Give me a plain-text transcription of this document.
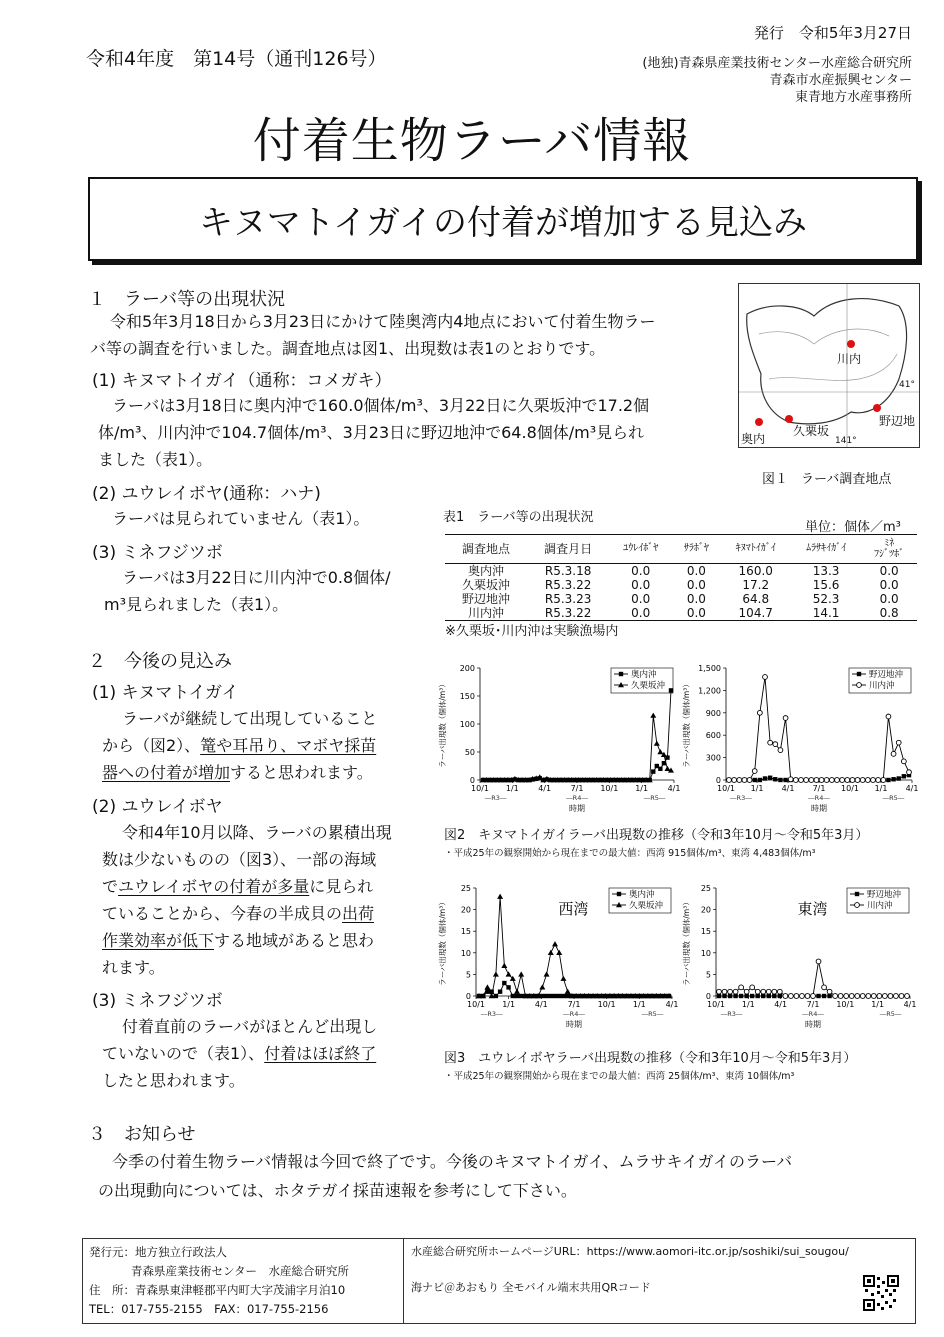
令和4年度　第14号（通刊126号）
発行　令和5年3月27日
(地独)青森県産業技術センター水産総合研究所
青森市水産振興センター
東青地方水産事務所
付着生物ラーバ情報
キヌマトイガイの付着が増加する見込み
１　ラーバ等の出現状況
令和5年3月18日から3月23日にかけて陸奥湾内4地点において付着生物ラー
バ等の調査を行いました。調査地点は図1、出現数は表1のとおりです。
(1) キヌマトイガイ（通称：コメガキ）
ラーバは3月18日に奥内沖で160.0個体/m³、3月22日に久栗坂沖で17.2個
体/m³、川内沖で104.7個体/m³、3月23日に野辺地沖で64.8個体/m³見られ
ました（表1）。
(2) ユウレイボヤ(通称：ハナ)
ラーバは見られていません（表1）。
(3) ミネフジツボ
ラーバは3月22日に川内沖で0.8個体/
m³見られました（表1）。
川内
野辺地
久栗坂
奥内
41°
141°
図１　ラーバ調査地点
表1　ラーバ等の出現状況
単位：個体／m³
調査地点	調査月日	ﾕｳﾚｲﾎﾞﾔ	ｻﾗﾎﾞﾔ	ｷﾇﾏﾄｲｶﾞｲ	ﾑﾗｻｷｲｶﾞｲ	ﾐﾈ
ﾌｼﾞﾂﾎﾞ
奥内沖	R5.3.18	0.0	0.0	160.0	13.3	0.0
久栗坂沖	R5.3.22	0.0	0.0	17.2	15.6	0.0
野辺地沖	R5.3.23	0.0	0.0	64.8	52.3	0.0
川内沖	R5.3.22	0.0	0.0	104.7	14.1	0.8
※久栗坂･川内沖は実験漁場内
２　今後の見込み
(1) キヌマトイガイ
ラーバが継続して出現していること
から（図2）、篭や耳吊り、マボヤ採苗
器への付着が増加すると思われます。
(2) ユウレイボヤ
令和4年10月以降、ラーバの累積出現
数は少ないものの（図3）、一部の海域
でユウレイボヤの付着が多量に見られ
ていることから、今春の半成貝の出荷
作業効率が低下する地域があると思わ
れます。
(3) ミネフジツボ
付着直前のラーバがほとんど出現し
ていないので（表1）、付着はほぼ終了
したと思われます。
0
50
100
150
200
ラーバ出現数（個体/m³）
10/1 1/1 4/1 7/1 10/1 1/1 4/1
―R3―	―R4―	―R5―
時期
奥内沖
久栗坂沖
0
300
600
900
1,200
1,500
ラーバ出現数（個体/m³）
10/1 1/1 4/1 7/1 10/1 1/1 4/1
―R3―	―R4―	―R5―
時期
野辺地沖
川内沖
図2　キヌマトイガイラーバ出現数の推移（令和3年10月～令和5年3月）
・平成25年の観察開始から現在までの最大値：西湾 915個体/m³、東湾 4,483個体/m³
0
5
10
15
20
25
ラーバ出現数（個体/m³）
10/1 1/1 4/1 7/1 10/1 1/1 4/1
―R3―	―R4―	―R5―
時期
西湾
奥内沖
久栗坂沖
0
5
10
15
20
25
ラーバ出現数（個体/m³）
10/1 1/1 4/1 7/1 10/1 1/1 4/1
―R3―	―R4―	―R5―
時期
東湾
野辺地沖
川内沖
図3　ユウレイボヤラーバ出現数の推移（令和3年10月～令和5年3月）
・平成25年の観察開始から現在までの最大値：西湾 25個体/m³、東湾 10個体/m³
３　お知らせ
今季の付着生物ラーバ情報は今回で終了です。今後のキヌマトイガイ、ムラサキイガイのラーバ
の出現動向については、ホタテガイ採苗速報を参考にして下さい。
発行元：地方独立行政法人
青森県産業技術センター　水産総合研究所
住　所：青森県東津軽郡平内町大字茂浦字月泊10
TEL：017-755-2155　FAX：017-755-2156
水産総合研究所ホームページURL：https://www.aomori-itc.or.jp/soshiki/sui_sougou/
海ナビ＠あおもり 全モバイル端末共用QRコード
